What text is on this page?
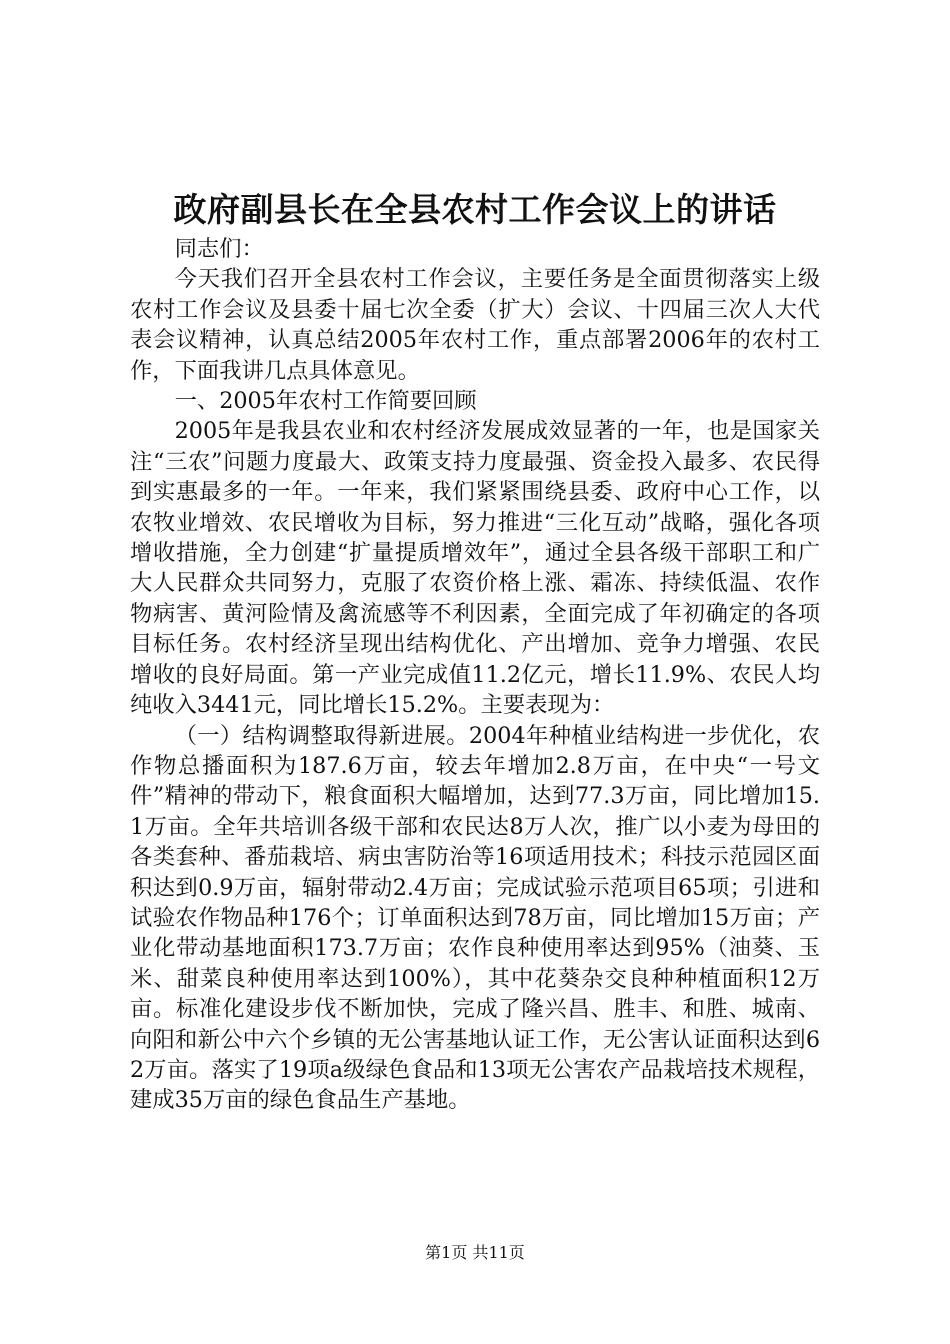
政府副县长在全县农村工作会议上的讲话

同志们：

今天我们召开全县农村工作会议，主要任务是全面贯彻落实上级农村工作会议及县委十届七次全委（扩大）会议、十四届三次人大代表会议精神，认真总结2005年农村工作，重点部署2006年的农村工作，下面我讲几点具体意见。

一、2005年农村工作简要回顾

2005年是我县农业和农村经济发展成效显著的一年，也是国家关注“三农”问题力度最大、政策支持力度最强、资金投入最多、农民得到实惠最多的一年。一年来，我们紧紧围绕县委、政府中心工作，以农牧业增效、农民增收为目标，努力推进“三化互动”战略，强化各项增收措施，全力创建“扩量提质增效年”，通过全县各级干部职工和广大人民群众共同努力，克服了农资价格上涨、霜冻、持续低温、农作物病害、黄河险情及禽流感等不利因素，全面完成了年初确定的各项目标任务。农村经济呈现出结构优化、产出增加、竞争力增强、农民增收的良好局面。第一产业完成值11.2亿元，增长11.9%、农民人均纯收入3441元，同比增长15.2%。主要表现为：

（一）结构调整取得新进展。2004年种植业结构进一步优化，农作物总播面积为187.6万亩，较去年增加2.8万亩，在中央“一号文件”精神的带动下，粮食面积大幅增加，达到77.3万亩，同比增加15.1万亩。全年共培训各级干部和农民达8万人次，推广以小麦为母田的各类套种、番茄栽培、病虫害防治等16项适用技术；科技示范园区面积达到0.9万亩，辐射带动2.4万亩；完成试验示范项目65项；引进和试验农作物品种176个；订单面积达到78万亩，同比增加15万亩；产业化带动基地面积173.7万亩；农作良种使用率达到95%（油葵、玉米、甜菜良种使用率达到100%），其中花葵杂交良种种植面积12万亩。标准化建设步伐不断加快，完成了隆兴昌、胜丰、和胜、城南、向阳和新公中六个乡镇的无公害基地认证工作，无公害认证面积达到62万亩。落实了19项a级绿色食品和13项无公害农产品栽培技术规程，建成35万亩的绿色食品生产基地。

第1页 共11页
